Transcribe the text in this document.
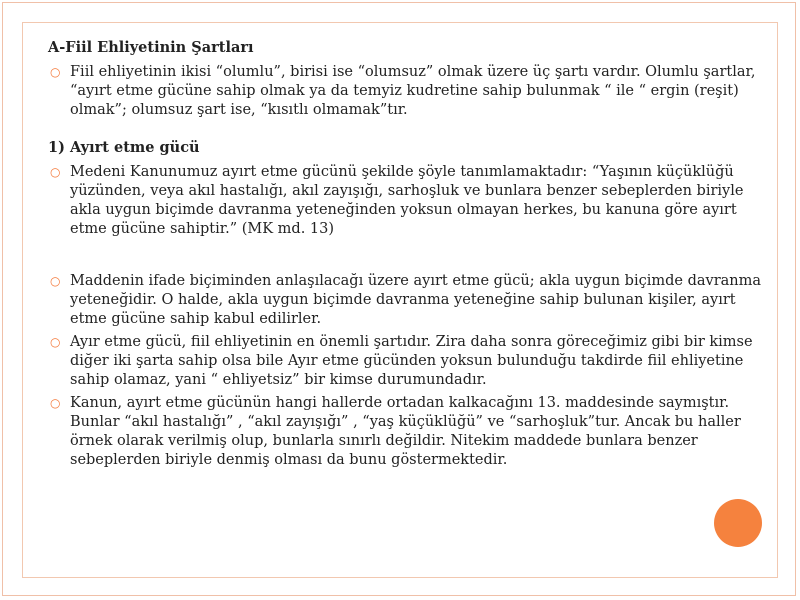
A-Fiil Ehliyetinin Şartları

○ Fiil ehliyetinin ikisi “olumlu”, birisi ise “olumsuz” olmak üzere üç şartı vardır. Olumlu şartlar, “ayırt etme gücüne sahip olmak ya da temyiz kudretine sahip bulunmak “ ile “ ergin (reşit) olmak”; olumsuz şart ise, “kısıtlı olmamak”tır.

1) Ayırt etme gücü

○ Medeni Kanunumuz ayırt etme gücünü şekilde şöyle tanımlamaktadır: “Yaşının küçüklüğü yüzünden, veya akıl hastalığı, akıl zayışığı, sarhoşluk ve bunlara benzer sebeplerden biriyle akla uygun biçimde davranma yeteneğinden yoksun olmayan herkes, bu kanuna göre ayırt etme gücüne sahiptir.” (MK md. 13)
○ Maddenin ifade biçiminden anlaşılacağı üzere ayırt etme gücü; akla uygun biçimde davranma yeteneğidir. O halde, akla uygun biçimde davranma yeteneğine sahip bulunan kişiler, ayırt etme gücüne sahip kabul edilirler.
○ Ayır etme gücü, fiil ehliyetinin en önemli şartıdır. Zira daha sonra göreceğimiz gibi bir kimse diğer iki şarta sahip olsa bile Ayır etme gücünden yoksun bulunduğu takdirde fiil ehliyetine sahip olamaz, yani “ ehliyetsiz” bir kimse durumundadır.
○ Kanun, ayırt etme gücünün hangi hallerde ortadan kalkacağını 13. maddesinde saymıştır. Bunlar “akıl hastalığı” , “akıl zayışığı” , “yaş küçüklüğü” ve “sarhoşluk”tur. Ancak bu haller örnek olarak verilmiş olup, bunlarla sınırlı değildir. Nitekim maddede bunlara benzer sebeplerden biriyle denmiş olması da bunu göstermektedir.
